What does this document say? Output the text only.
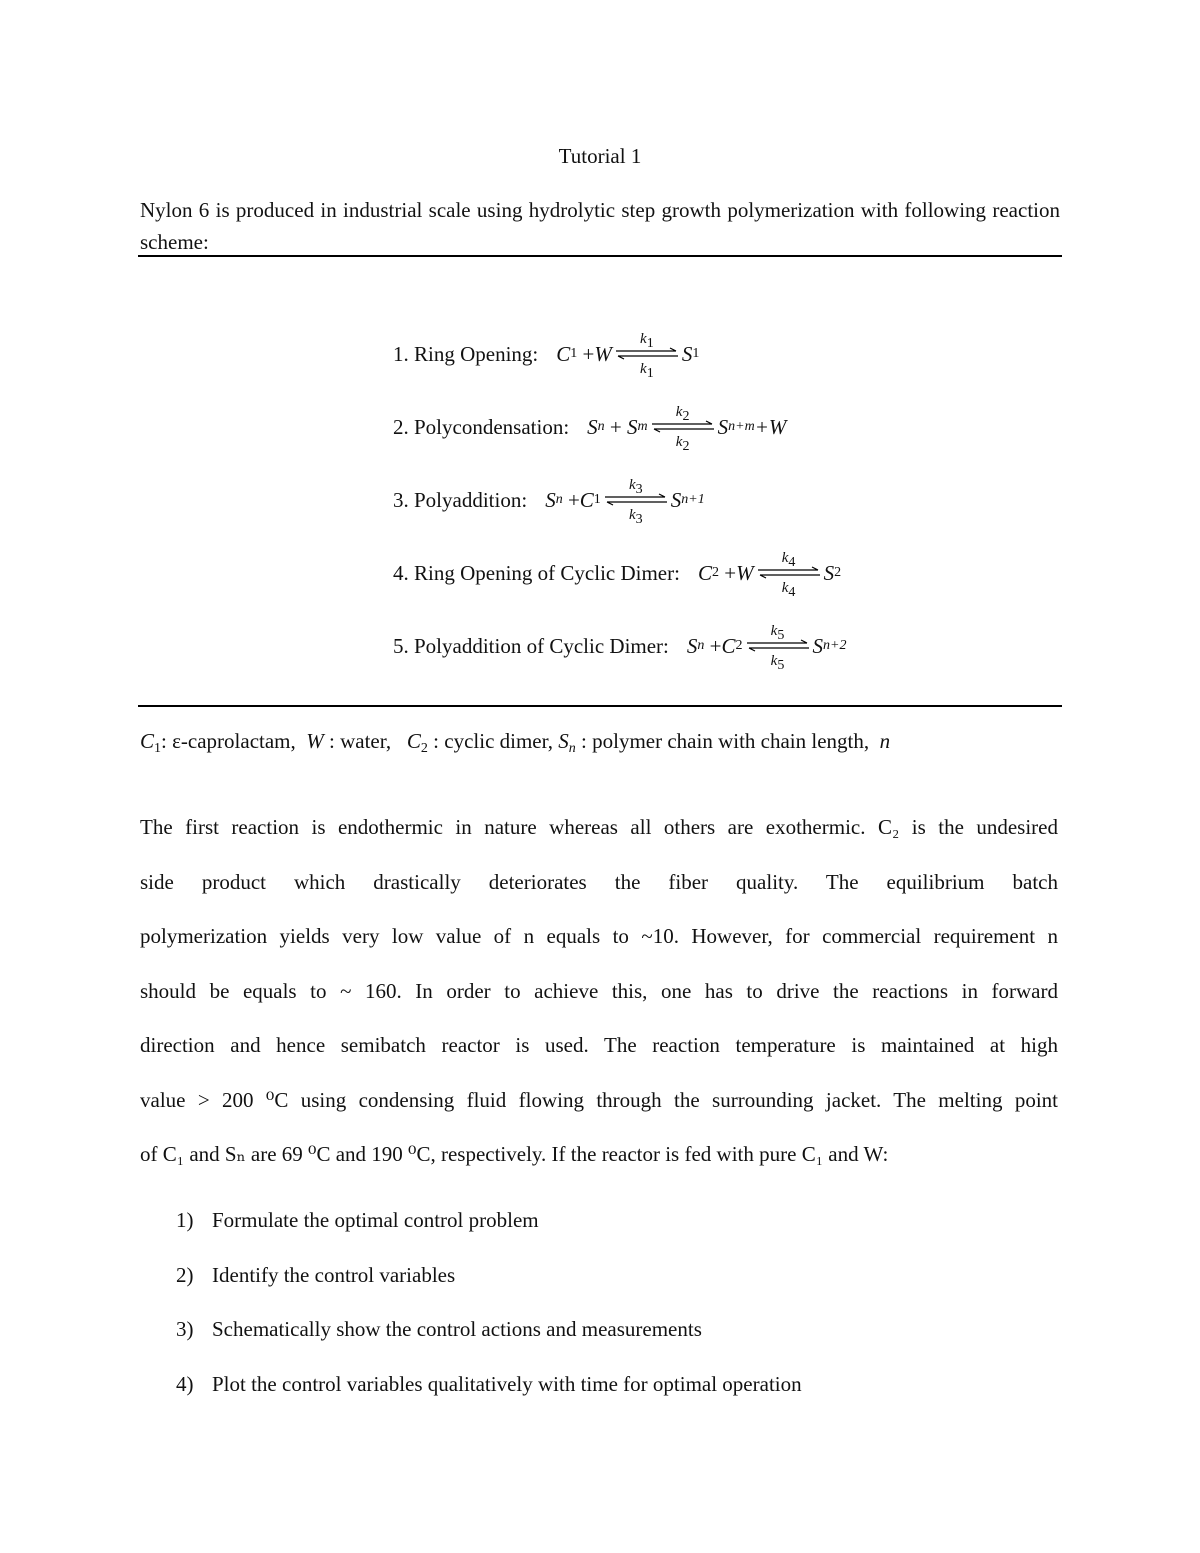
Tutorial 1
Nylon 6 is produced in industrial scale using hydrolytic step growth polymerization with following reaction scheme:
1. Ring Opening: C 1
+ W
$k_1$
$k_1$
S 1
2. Polycondensation: S n
+
S m
$k_2$
$k_2$
S n+m +W
3. Polyaddition: S n
+ C 1
$k_3$
$k_3$
S n+1
4. Ring Opening of Cyclic Dimer: C 2
+ W
$k_4$
$k_4$
S 2
5. Polyaddition of Cyclic Dimer: S n
+ C 2
$k_5$
$k_5$
S n+2
$C_1$: ε-caprolactam,  W : water,   $C_2$ : cyclic dimer, $S_n$ : polymer chain with chain length,  n
The first reaction is endothermic in nature whereas all others are exothermic. C₂ is the undesired
side product which drastically deteriorates the fiber quality. The equilibrium batch
polymerization yields very low value of n equals to ~10. However, for commercial requirement n
should be equals to ~ 160. In order to achieve this, one has to drive the reactions in forward
direction and hence semibatch reactor is used. The reaction temperature is maintained at high
value > 200 ⁰C using condensing fluid flowing through the surrounding jacket. The melting point
of C₁ and Sₙ are 69 ⁰C and 190 ⁰C, respectively. If the reactor is fed with pure C₁ and W:
1) Formulate the optimal control problem
2) Identify the control variables
3) Schematically show the control actions and measurements
4) Plot the control variables qualitatively with time for optimal operation
